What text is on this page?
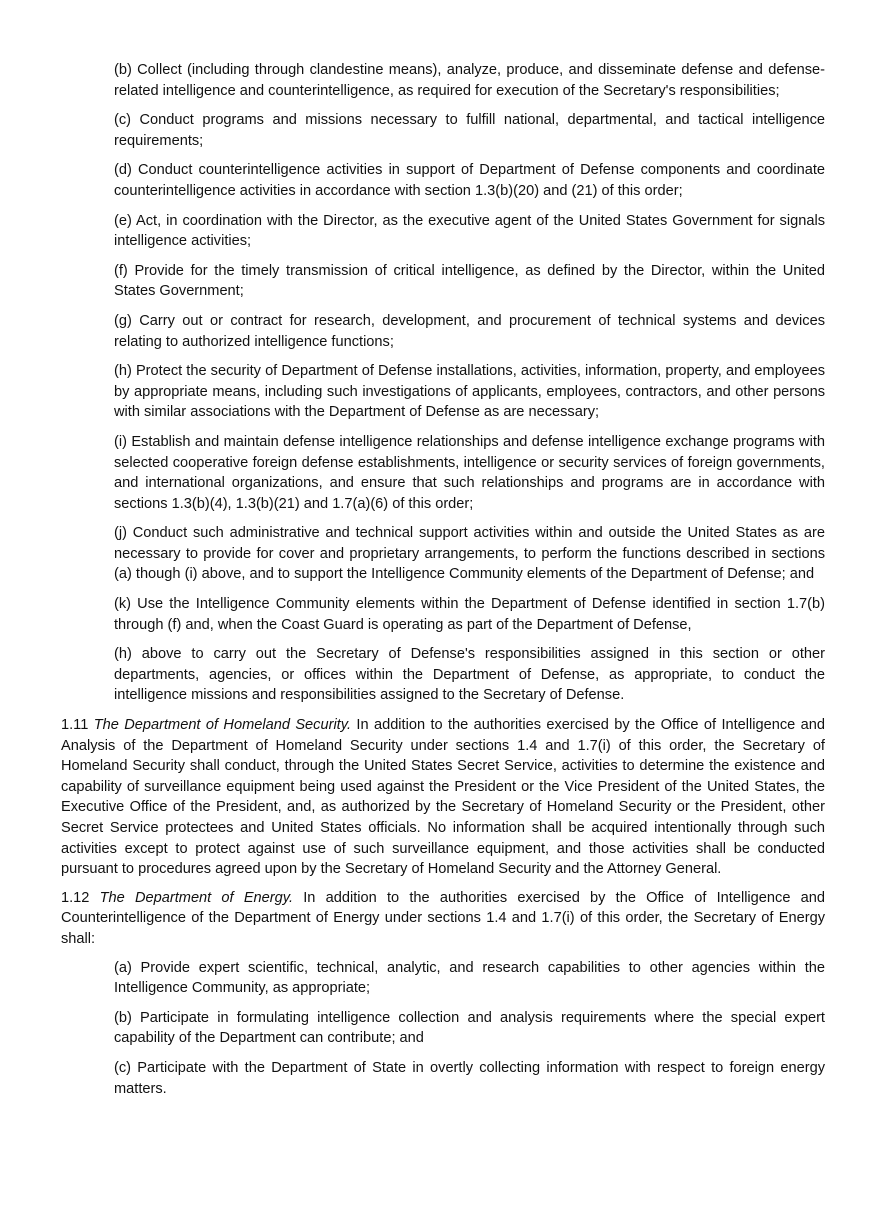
(b) Collect (including through clandestine means), analyze, produce, and disseminate defense and defense-related intelligence and counterintelligence, as required for execution of the Secretary's responsibilities;

(c) Conduct programs and missions necessary to fulfill national, departmental, and tactical intelligence requirements;

(d) Conduct counterintelligence activities in support of Department of Defense components and coordinate counterintelligence activities in accordance with section 1.3(b)(20) and (21) of this order;

(e) Act, in coordination with the Director, as the executive agent of the United States Government for signals intelligence activities;

(f) Provide for the timely transmission of critical intelligence, as defined by the Director, within the United States Government;

(g) Carry out or contract for research, development, and procurement of technical systems and devices relating to authorized intelligence functions;

(h) Protect the security of Department of Defense installations, activities, information, property, and employees by appropriate means, including such investigations of applicants, employees, contractors, and other persons with similar associations with the Department of Defense as are necessary;

(i) Establish and maintain defense intelligence relationships and defense intelligence exchange programs with selected cooperative foreign defense establishments, intelligence or security services of foreign governments, and international organizations, and ensure that such relationships and programs are in accordance with sections 1.3(b)(4), 1.3(b)(21) and 1.7(a)(6) of this order;

(j) Conduct such administrative and technical support activities within and outside the United States as are necessary to provide for cover and proprietary arrangements, to perform the functions described in sections (a) though (i) above, and to support the Intelligence Community elements of the Department of Defense; and

(k) Use the Intelligence Community elements within the Department of Defense identified in section 1.7(b) through (f) and, when the Coast Guard is operating as part of the Department of Defense,

(h) above to carry out the Secretary of Defense's responsibilities assigned in this section or other departments, agencies, or offices within the Department of Defense, as appropriate, to conduct the intelligence missions and responsibilities assigned to the Secretary of Defense.

1.11 The Department of Homeland Security. In addition to the authorities exercised by the Office of Intelligence and Analysis of the Department of Homeland Security under sections 1.4 and 1.7(i) of this order, the Secretary of Homeland Security shall conduct, through the United States Secret Service, activities to determine the existence and capability of surveillance equipment being used against the President or the Vice President of the United States, the Executive Office of the President, and, as authorized by the Secretary of Homeland Security or the President, other Secret Service protectees and United States officials. No information shall be acquired intentionally through such activities except to protect against use of such surveillance equipment, and those activities shall be conducted pursuant to procedures agreed upon by the Secretary of Homeland Security and the Attorney General.

1.12 The Department of Energy. In addition to the authorities exercised by the Office of Intelligence and Counterintelligence of the Department of Energy under sections 1.4 and 1.7(i) of this order, the Secretary of Energy shall:

(a) Provide expert scientific, technical, analytic, and research capabilities to other agencies within the Intelligence Community, as appropriate;

(b) Participate in formulating intelligence collection and analysis requirements where the special expert capability of the Department can contribute; and

(c) Participate with the Department of State in overtly collecting information with respect to foreign energy matters.
